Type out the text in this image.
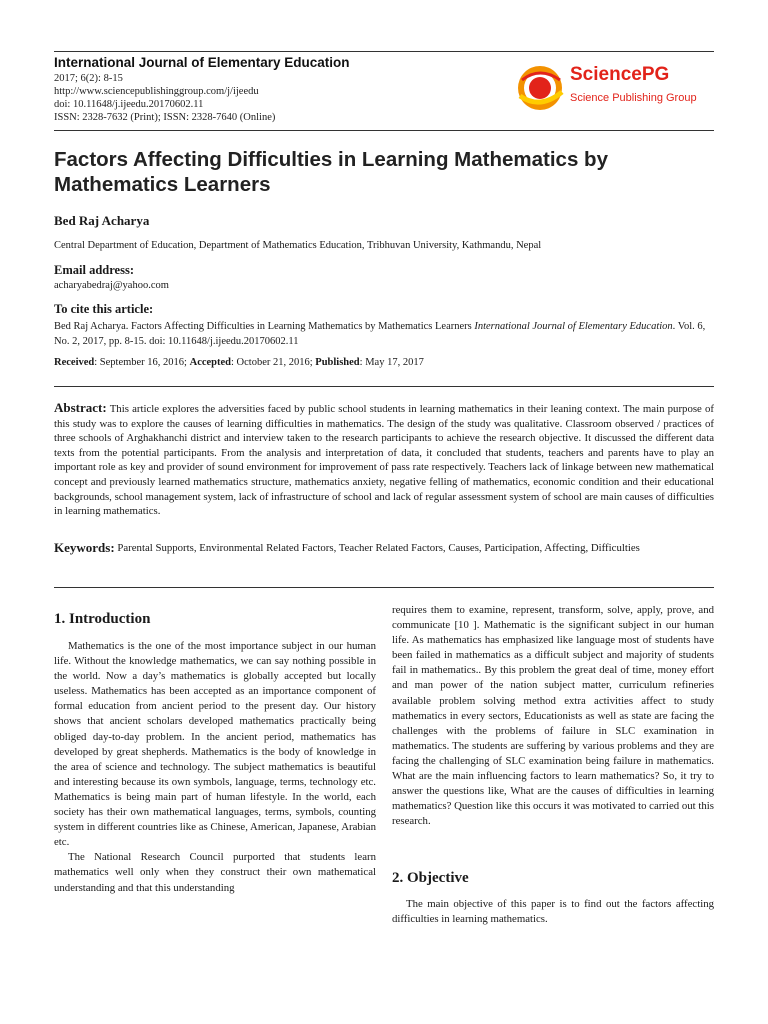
International Journal of Elementary Education
2017; 6(2): 8-15
http://www.sciencepublishinggroup.com/j/ijeedu
doi: 10.11648/j.ijeedu.20170602.11
ISSN: 2328-7632 (Print); ISSN: 2328-7640 (Online)
SciencePG
Science Publishing Group
Factors Affecting Difficulties in Learning Mathematics by
Mathematics Learners
Bed Raj Acharya
Central Department of Education, Department of Mathematics Education, Tribhuvan University, Kathmandu, Nepal
Email address:
acharyabedraj@yahoo.com
To cite this article:
Bed Raj Acharya. Factors Affecting Difficulties in Learning Mathematics by Mathematics Learners International Journal of Elementary Education. Vol. 6, No. 2, 2017, pp. 8-15. doi: 10.11648/j.ijeedu.20170602.11
Received: September 16, 2016; Accepted: October 21, 2016; Published: May 17, 2017
Abstract: This article explores the adversities faced by public school students in learning mathematics in their leaning context. The main purpose of this study was to explore the causes of learning difficulties in mathematics. The design of the study was qualitative. Classroom observed / practices of three schools of Arghakhanchi district and interview taken to the research participants to achieve the research objective. It discussed the different data texts from the potential participants. From the analysis and interpretation of data, it concluded that students, teachers and parents have to play an important role as key and provider of sound environment for improvement of pass rate respectively. Teachers lack of linkage between new mathematical concept and previously learned mathematics structure, mathematics anxiety, negative felling of mathematics, economic condition and their educational backgrounds, school management system, lack of infrastructure of school and lack of regular assessment system of school are main causes of difficulties in learning mathematics.
Keywords: Parental Supports, Environmental Related Factors, Teacher Related Factors, Causes, Participation, Affecting, Difficulties
1. Introduction

Mathematics is the one of the most importance subject in our human life. Without the knowledge mathematics, we can say nothing possible in the world. Now a day’s mathematics is globally accepted but locally useless. Mathematics has been accepted as an importance component of formal education from ancient period to the present day. Our history shows that ancient scholars developed mathematics practically being obliged day-to-day problem. In the ancient period, mathematics has developed by great shepherds. Mathematics is the body of knowledge in the area of science and technology. The subject mathematics is beautiful and interesting because its own symbols, language, terms, technology etc. Mathematics is being main part of human lifestyle. In the world, each society has their own mathematical languages, terms, symbols, counting system in different countries like as Chinese, American, Japanese, Arabian etc.

The National Research Council purported that students learn mathematics well only when they construct their own mathematical understanding and that this understanding

requires them to examine, represent, transform, solve, apply, prove, and communicate [10 ]. Mathematic is the significant subject in our human life. As mathematics has emphasized like language most of students have been failed in mathematics as a difficult subject and majority of students fail in mathematics.. By this problem the great deal of time, money effort and man power of the nation subject matter, curriculum refineries available problem solving method extra activities affect to study mathematics in every sectors, Educationists as well as state are facing the challenges with the problems of failure in SLC examination in mathematics. The students are suffering by various problems and they are facing the challenging of SLC examination being failure in mathematics. What are the main influencing factors to learn mathematics? So, it try to answer the questions like, What are the causes of difficulties in learning mathematics? Question like this occurs it was motivated to carried out this research.

2. Objective

The main objective of this paper is to find out the factors affecting difficulties in learning mathematics.
